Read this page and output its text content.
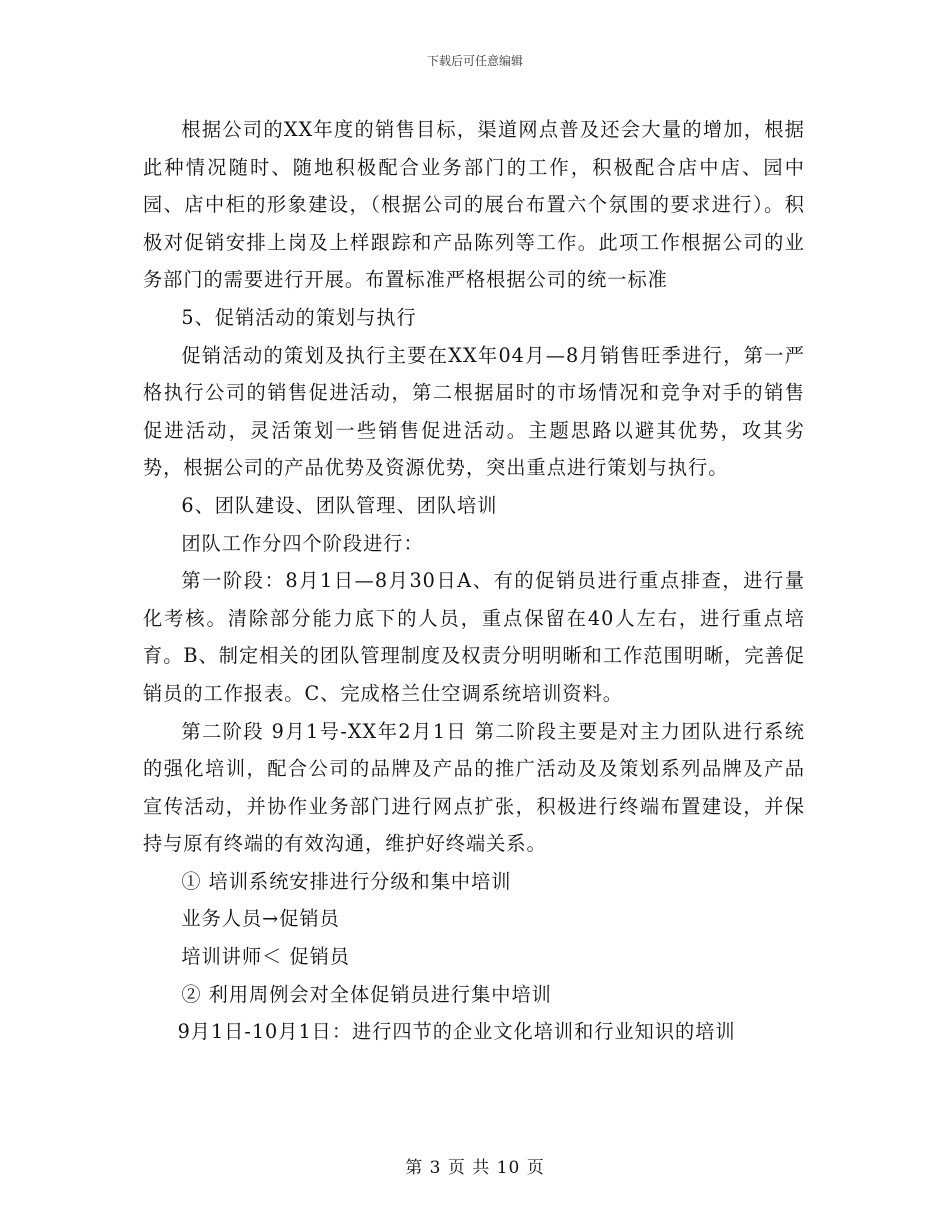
下载后可任意编辑

根据公司的XX年度的销售目标，渠道网点普及还会大量的增加，根据此种情况随时、随地积极配合业务部门的工作，积极配合店中店、园中园、店中柜的形象建设，（根据公司的展台布置六个氛围的要求进行）。积极对促销安排上岗及上样跟踪和产品陈列等工作。此项工作根据公司的业务部门的需要进行开展。布置标准严格根据公司的统一标准

5、促销活动的策划与执行

促销活动的策划及执行主要在XX年04月—8月销售旺季进行，第一严格执行公司的销售促进活动，第二根据届时的市场情况和竞争对手的销售促进活动，灵活策划一些销售促进活动。主题思路以避其优势，攻其劣势，根据公司的产品优势及资源优势，突出重点进行策划与执行。

6、团队建设、团队管理、团队培训

团队工作分四个阶段进行：

第一阶段：8月1日—8月30日A、有的促销员进行重点排查，进行量化考核。清除部分能力底下的人员，重点保留在40人左右，进行重点培育。B、制定相关的团队管理制度及权责分明明晰和工作范围明晰，完善促销员的工作报表。C、完成格兰仕空调系统培训资料。

第二阶段 9月1号-XX年2月1日 第二阶段主要是对主力团队进行系统的强化培训，配合公司的品牌及产品的推广活动及及策划系列品牌及产品宣传活动，并协作业务部门进行网点扩张，积极进行终端布置建设，并保持与原有终端的有效沟通，维护好终端关系。

① 培训系统安排进行分级和集中培训

业务人员→促销员

培训讲师＜ 促销员

② 利用周例会对全体促销员进行集中培训

9月1日-10月1日：进行四节的企业文化培训和行业知识的培训

第 3 页 共 10 页
